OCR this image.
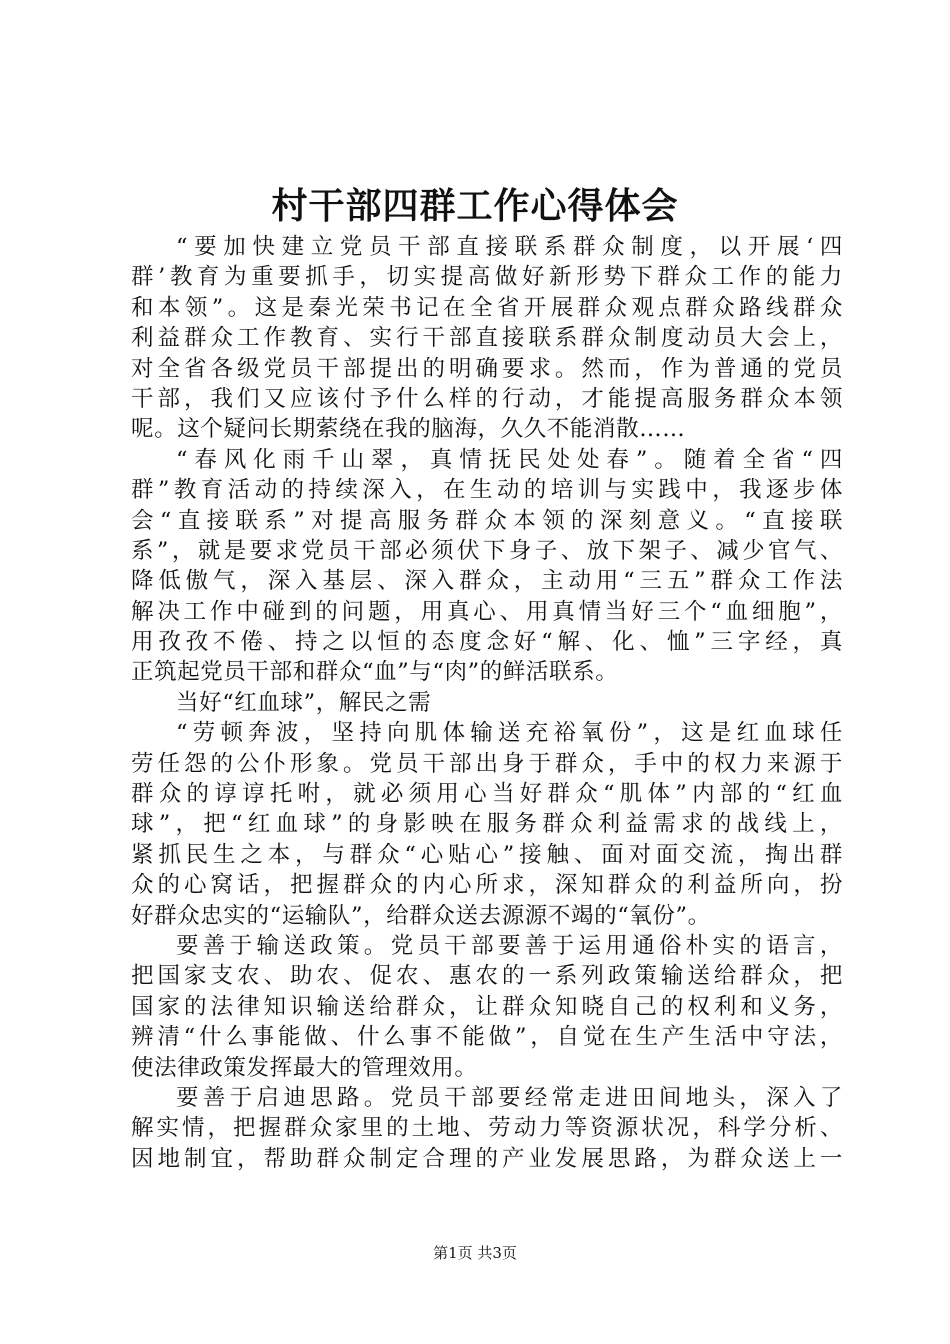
村干部四群工作心得体会
“要加快建立党员干部直接联系群众制度，以开展‘四
群’教育为重要抓手，切实提高做好新形势下群众工作的能力
和本领”。这是秦光荣书记在全省开展群众观点群众路线群众
利益群众工作教育、实行干部直接联系群众制度动员大会上，
对全省各级党员干部提出的明确要求。然而，作为普通的党员
干部，我们又应该付予什么样的行动，才能提高服务群众本领
呢。这个疑问长期萦绕在我的脑海，久久不能消散……
“春风化雨千山翠，真情抚民处处春”。随着全省“四
群”教育活动的持续深入，在生动的培训与实践中，我逐步体
会“直接联系”对提高服务群众本领的深刻意义。“直接联
系”，就是要求党员干部必须伏下身子、放下架子、减少官气、
降低傲气，深入基层、深入群众，主动用“三五”群众工作法
解决工作中碰到的问题，用真心、用真情当好三个“血细胞”，
用孜孜不倦、持之以恒的态度念好“解、化、恤”三字经，真
正筑起党员干部和群众“血”与“肉”的鲜活联系。
当好“红血球”，解民之需
“劳顿奔波，坚持向肌体输送充裕氧份”，这是红血球任
劳任怨的公仆形象。党员干部出身于群众，手中的权力来源于
群众的谆谆托咐，就必须用心当好群众“肌体”内部的“红血
球”，把“红血球”的身影映在服务群众利益需求的战线上，
紧抓民生之本，与群众“心贴心”接触、面对面交流，掏出群
众的心窝话，把握群众的内心所求，深知群众的利益所向，扮
好群众忠实的“运输队”，给群众送去源源不竭的“氧份”。
要善于输送政策。党员干部要善于运用通俗朴实的语言，
把国家支农、助农、促农、惠农的一系列政策输送给群众，把
国家的法律知识输送给群众，让群众知晓自己的权利和义务，
辨清“什么事能做、什么事不能做”，自觉在生产生活中守法，
使法律政策发挥最大的管理效用。
要善于启迪思路。党员干部要经常走进田间地头，深入了
解实情，把握群众家里的土地、劳动力等资源状况，科学分析、
因地制宜，帮助群众制定合理的产业发展思路，为群众送上一
第1页 共3页
